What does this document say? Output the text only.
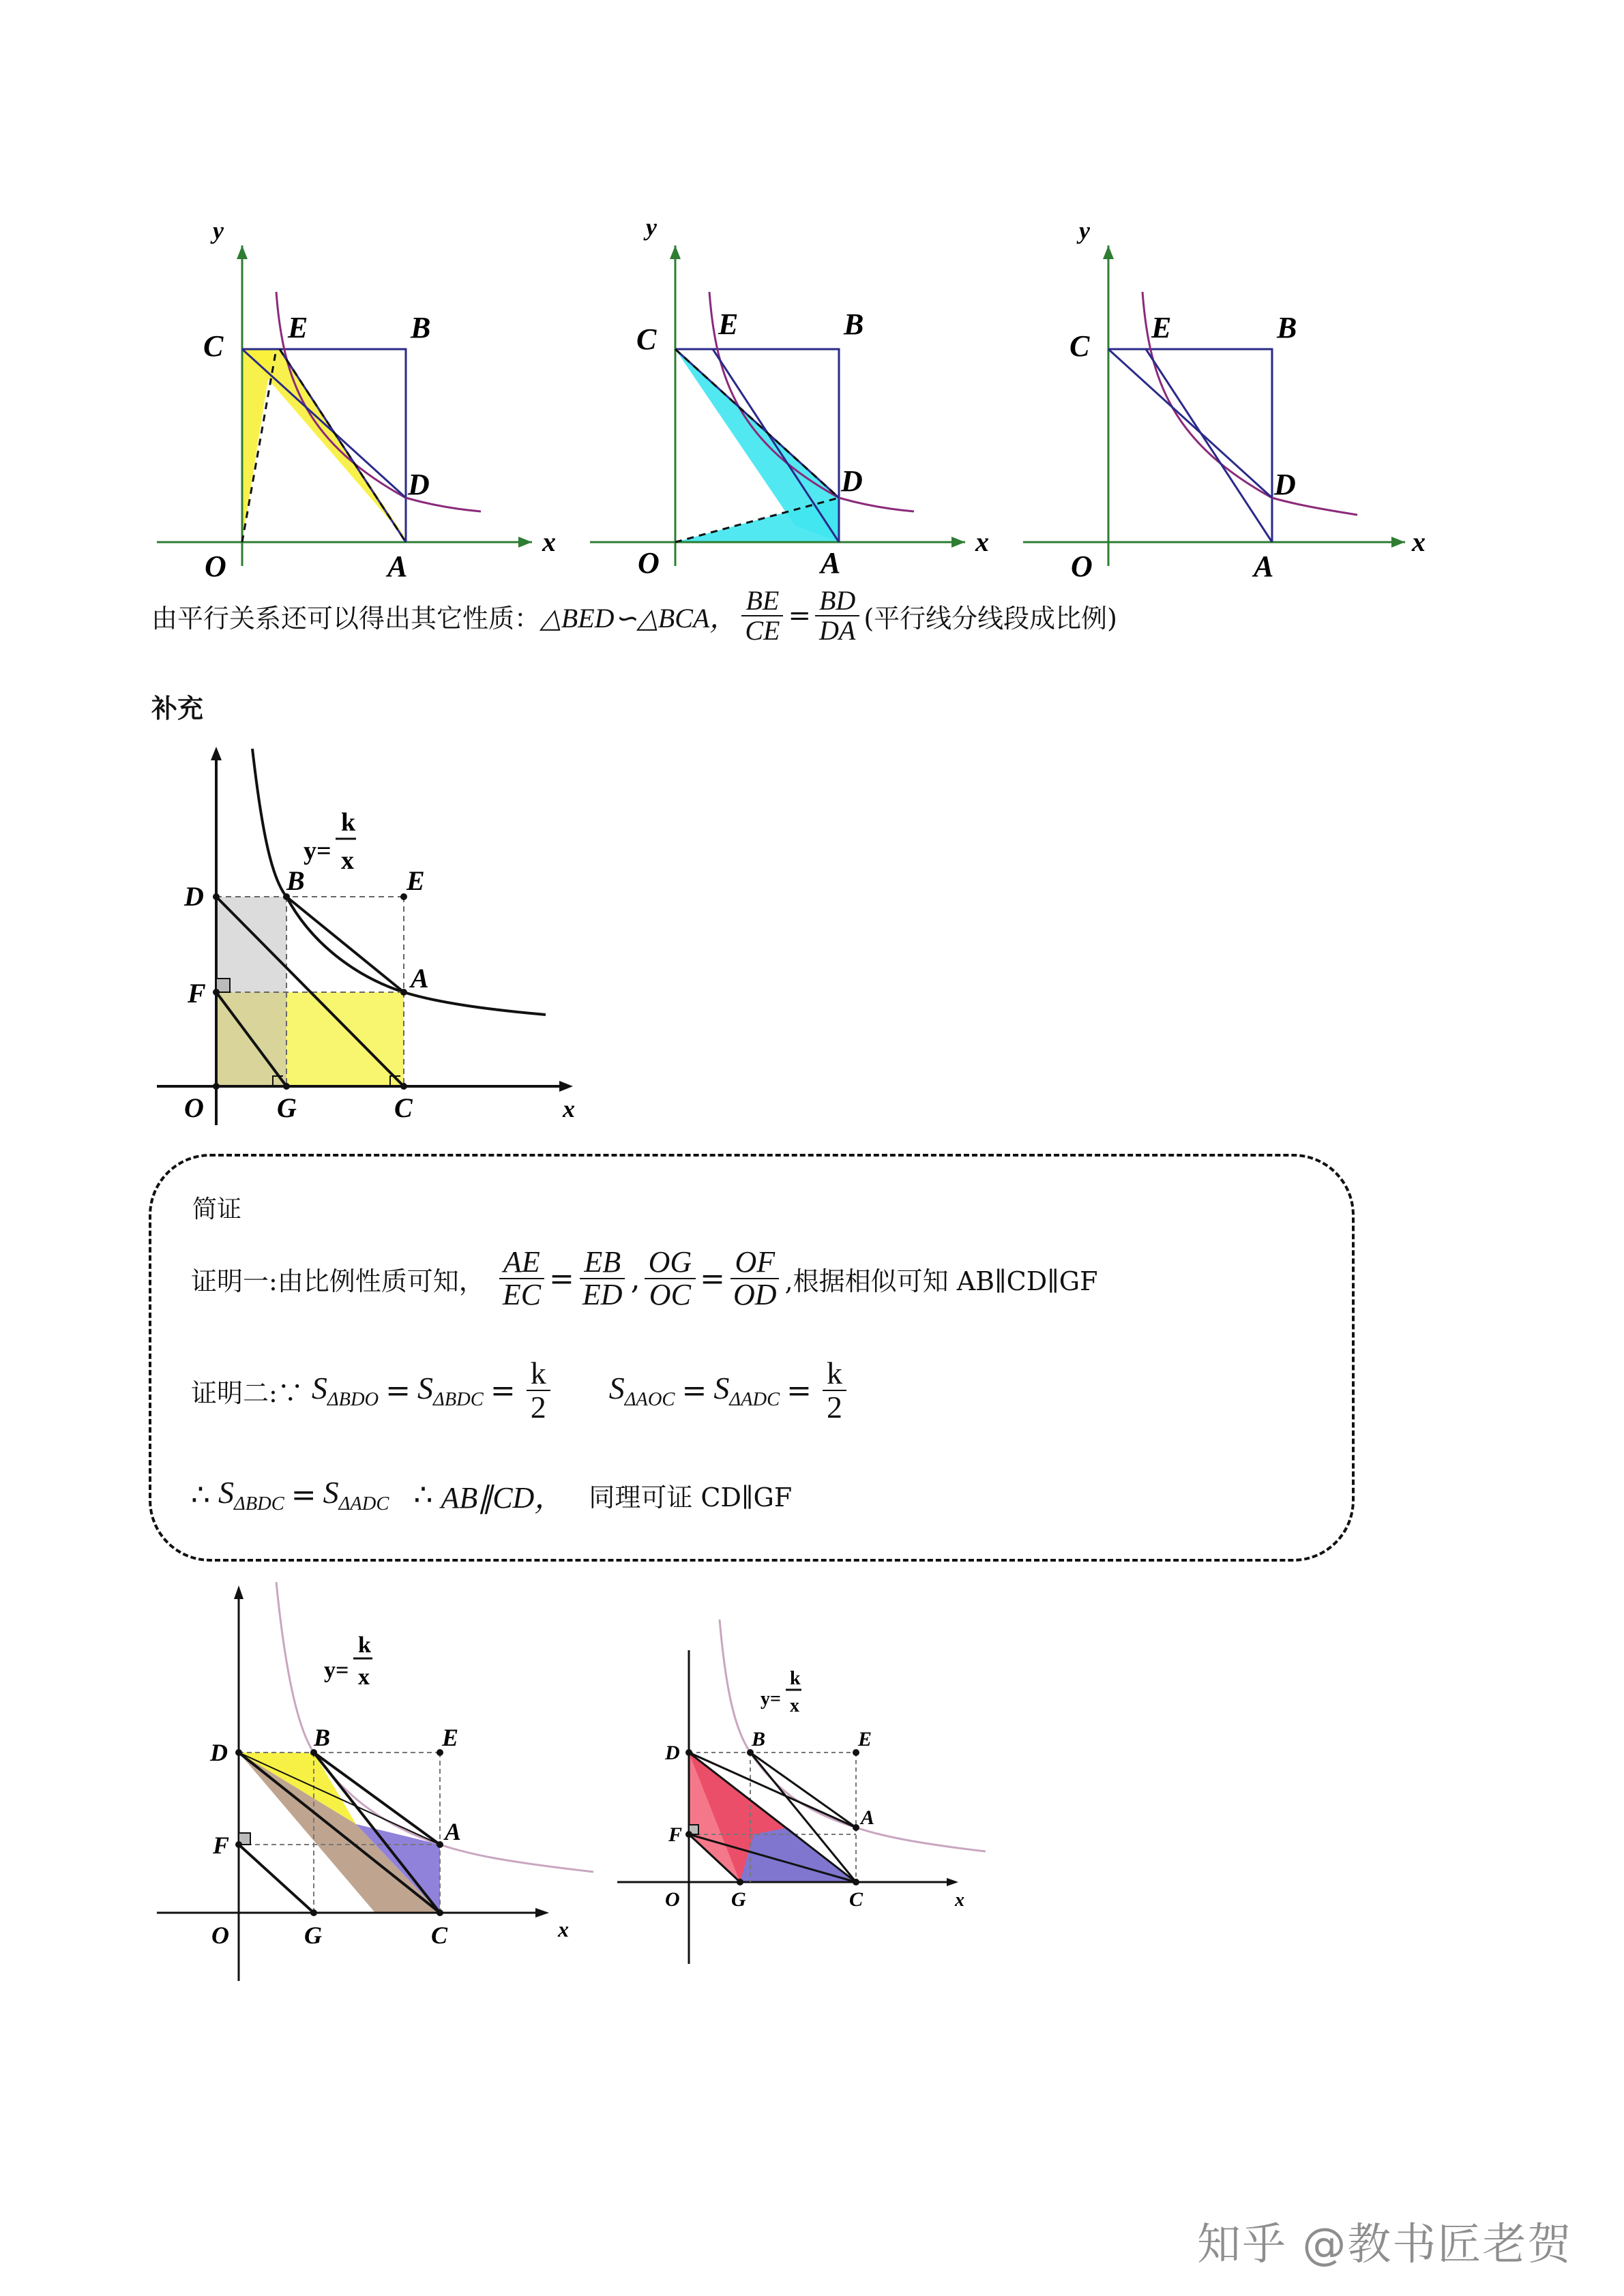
y
C
E	B
D
O	A
x
y
C E	B
D
O	A
x
y
C
E	B
D
O	A
x
由平行关系还可以得出其它性质： △BED∽△BCA， $\frac{BE}{CE} = \frac{BD}{DA}$ (平行线分线段成比例)
补充
y=
k
x
D
B	E
A
F
O	G	C	x
简证
证明一:由比例性质可知， $\frac{AE}{EC} = \frac{EB}{ED}$ , $\frac{OG}{OC} = \frac{OF}{OD}$ ,根据相似可知 AB∥CD∥GF
证明二:∵ $S_{\Delta BDO} = S_{\Delta BDC} = \frac{k}{2} S_{\Delta AOC} = S_{\Delta ADC} = \frac{k}{2}$
∴ $S_{\Delta BDC} = S_{\Delta ADC}$ ∴ AB∥CD， 同理可证 CD∥GF
y=
k
x
D
B	E
A
F
O	G	C	x
y=
k
x
D
B	E
A
F
O	G	C	x
知乎 @教书匠老贺
